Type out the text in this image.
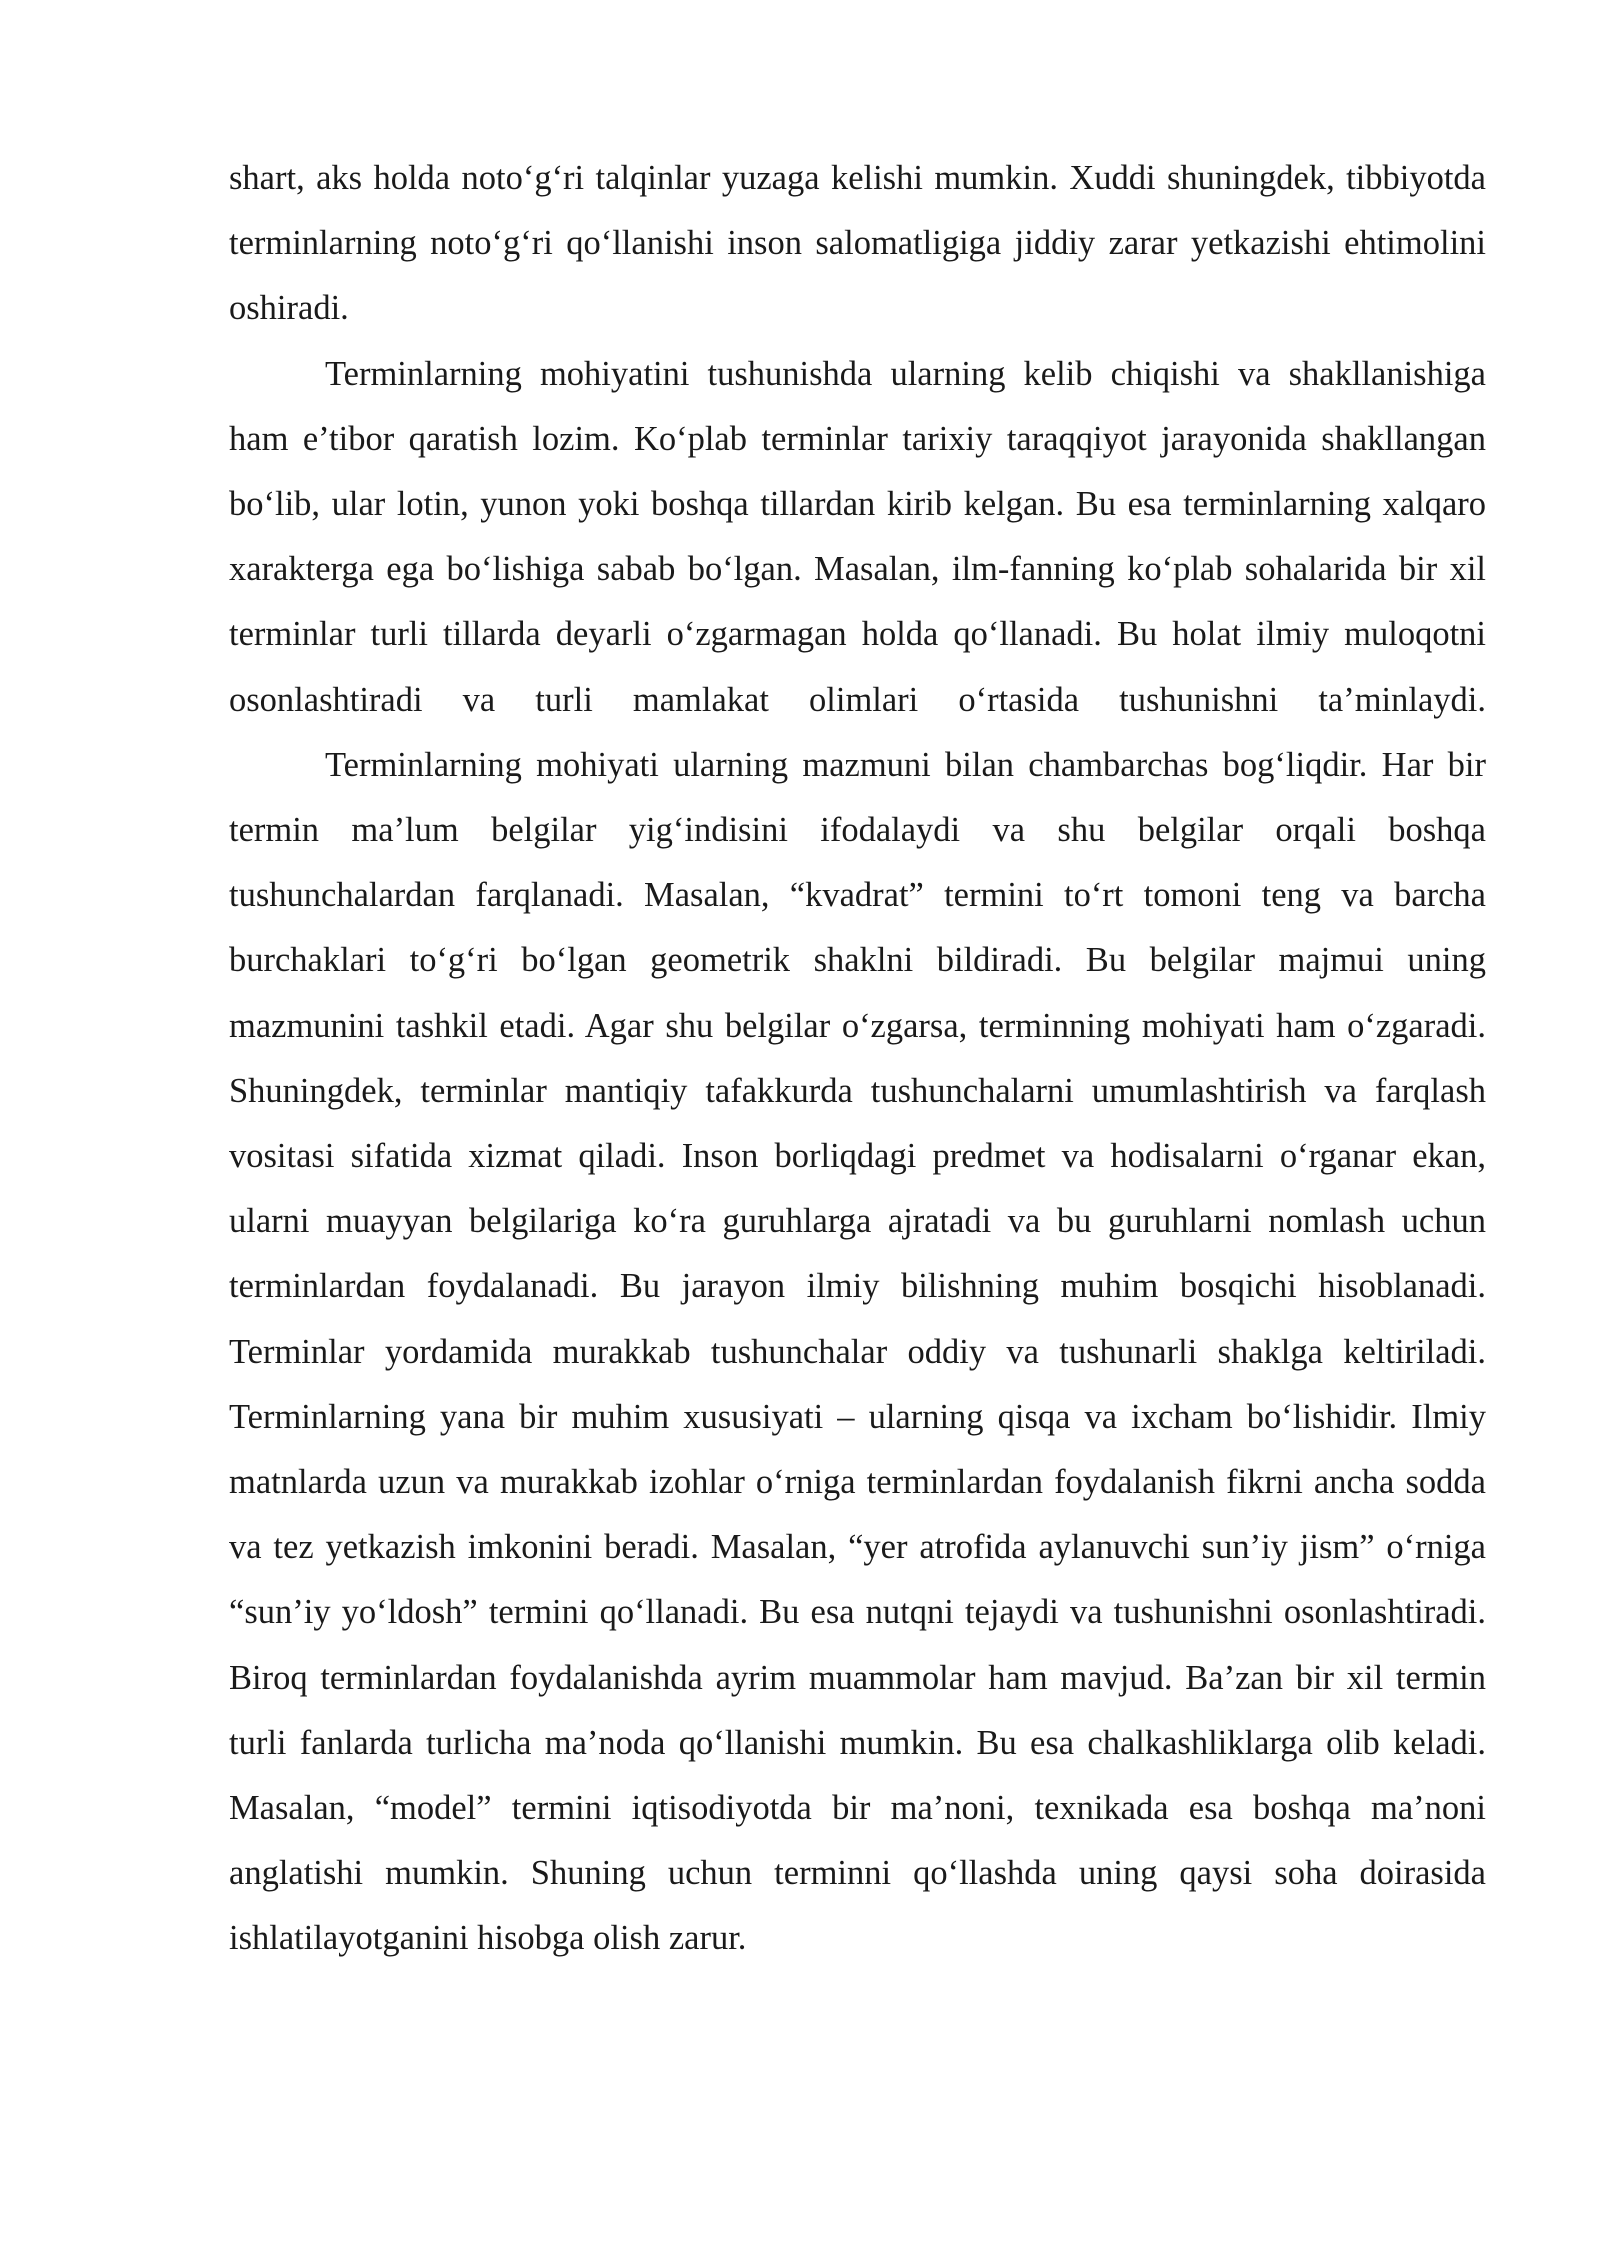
shart, aks holda noto‘g‘ri talqinlar yuzaga kelishi mumkin. Xuddi shuningdek, tibbiyotda terminlarning noto‘g‘ri qo‘llanishi inson salomatligiga jiddiy zarar yetkazishi ehtimolini oshiradi.

Terminlarning mohiyatini tushunishda ularning kelib chiqishi va shakllanishiga ham e’tibor qaratish lozim. Ko‘plab terminlar tarixiy taraqqiyot jarayonida shakllangan bo‘lib, ular lotin, yunon yoki boshqa tillardan kirib kelgan. Bu esa terminlarning xalqaro xarakterga ega bo‘lishiga sabab bo‘lgan. Masalan, ilm-fanning ko‘plab sohalarida bir xil terminlar turli tillarda deyarli o‘zgarmagan holda qo‘llanadi. Bu holat ilmiy muloqotni osonlashtiradi va turli mamlakat olimlari o‘rtasida tushunishni ta’minlaydi.

Terminlarning mohiyati ularning mazmuni bilan chambarchas bog‘liqdir. Har bir termin ma’lum belgilar yig‘indisini ifodalaydi va shu belgilar orqali boshqa tushunchalardan farqlanadi. Masalan, “kvadrat” termini to‘rt tomoni teng va barcha burchaklari to‘g‘ri bo‘lgan geometrik shaklni bildiradi. Bu belgilar majmui uning mazmunini tashkil etadi. Agar shu belgilar o‘zgarsa, terminning mohiyati ham o‘zgaradi. Shuningdek, terminlar mantiqiy tafakkurda tushunchalarni umumlashtirish va farqlash vositasi sifatida xizmat qiladi. Inson borliqdagi predmet va hodisalarni o‘rganar ekan, ularni muayyan belgilariga ko‘ra guruhlarga ajratadi va bu guruhlarni nomlash uchun terminlardan foydalanadi. Bu jarayon ilmiy bilishning muhim bosqichi hisoblanadi. Terminlar yordamida murakkab tushunchalar oddiy va tushunarli shaklga keltiriladi. Terminlarning yana bir muhim xususiyati – ularning qisqa va ixcham bo‘lishidir. Ilmiy matnlarda uzun va murakkab izohlar o‘rniga terminlardan foydalanish fikrni ancha sodda va tez yetkazish imkonini beradi. Masalan, “yer atrofida aylanuvchi sun’iy jism” o‘rniga “sun’iy yo‘ldosh” termini qo‘llanadi. Bu esa nutqni tejaydi va tushunishni osonlashtiradi. Biroq terminlardan foydalanishda ayrim muammolar ham mavjud. Ba’zan bir xil termin turli fanlarda turlicha ma’noda qo‘llanishi mumkin. Bu esa chalkashliklarga olib keladi. Masalan, “model” termini iqtisodiyotda bir ma’noni, texnikada esa boshqa ma’noni anglatishi mumkin. Shuning uchun terminni qo‘llashda uning qaysi soha doirasida ishlatilayotganini hisobga olish zarur.
